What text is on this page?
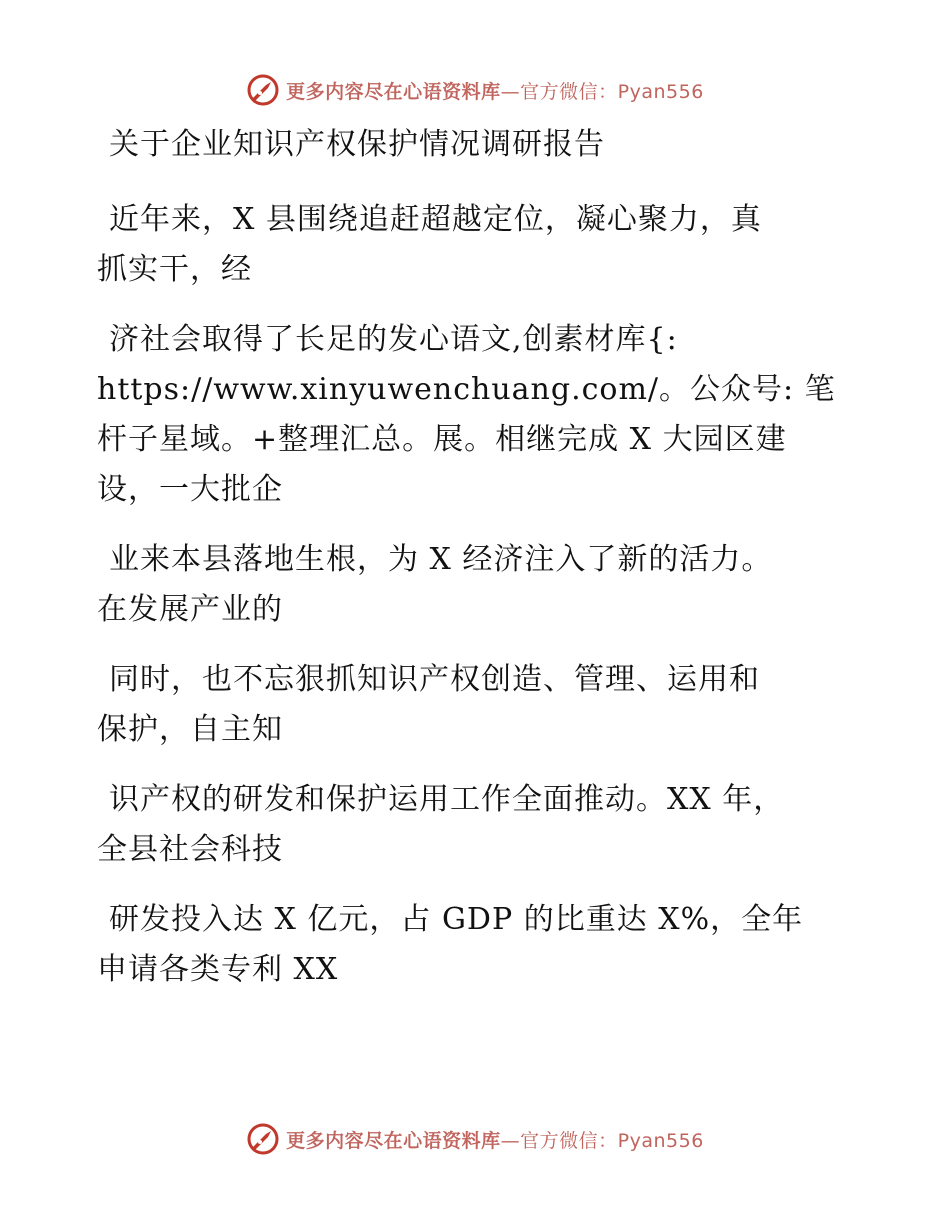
更多内容尽在心语资料库—官方微信：Pyan556
关于企业知识产权保护情况调研报告
近年来，X 县围绕追赶超越定位，凝心聚力，真
抓实干，经
济社会取得了长足的发心语文,创素材库{:
https://www.xinyuwenchuang.com/。公众号: 笔
杆子星域。+整理汇总。展。相继完成 X 大园区建
设，一大批企
业来本县落地生根，为 X 经济注入了新的活力。
在发展产业的
同时，也不忘狠抓知识产权创造、管理、运用和
保护，自主知
识产权的研发和保护运用工作全面推动。XX 年，
全县社会科技
研发投入达 X 亿元，占 GDP 的比重达 X%，全年
申请各类专利 XX
更多内容尽在心语资料库—官方微信：Pyan556
